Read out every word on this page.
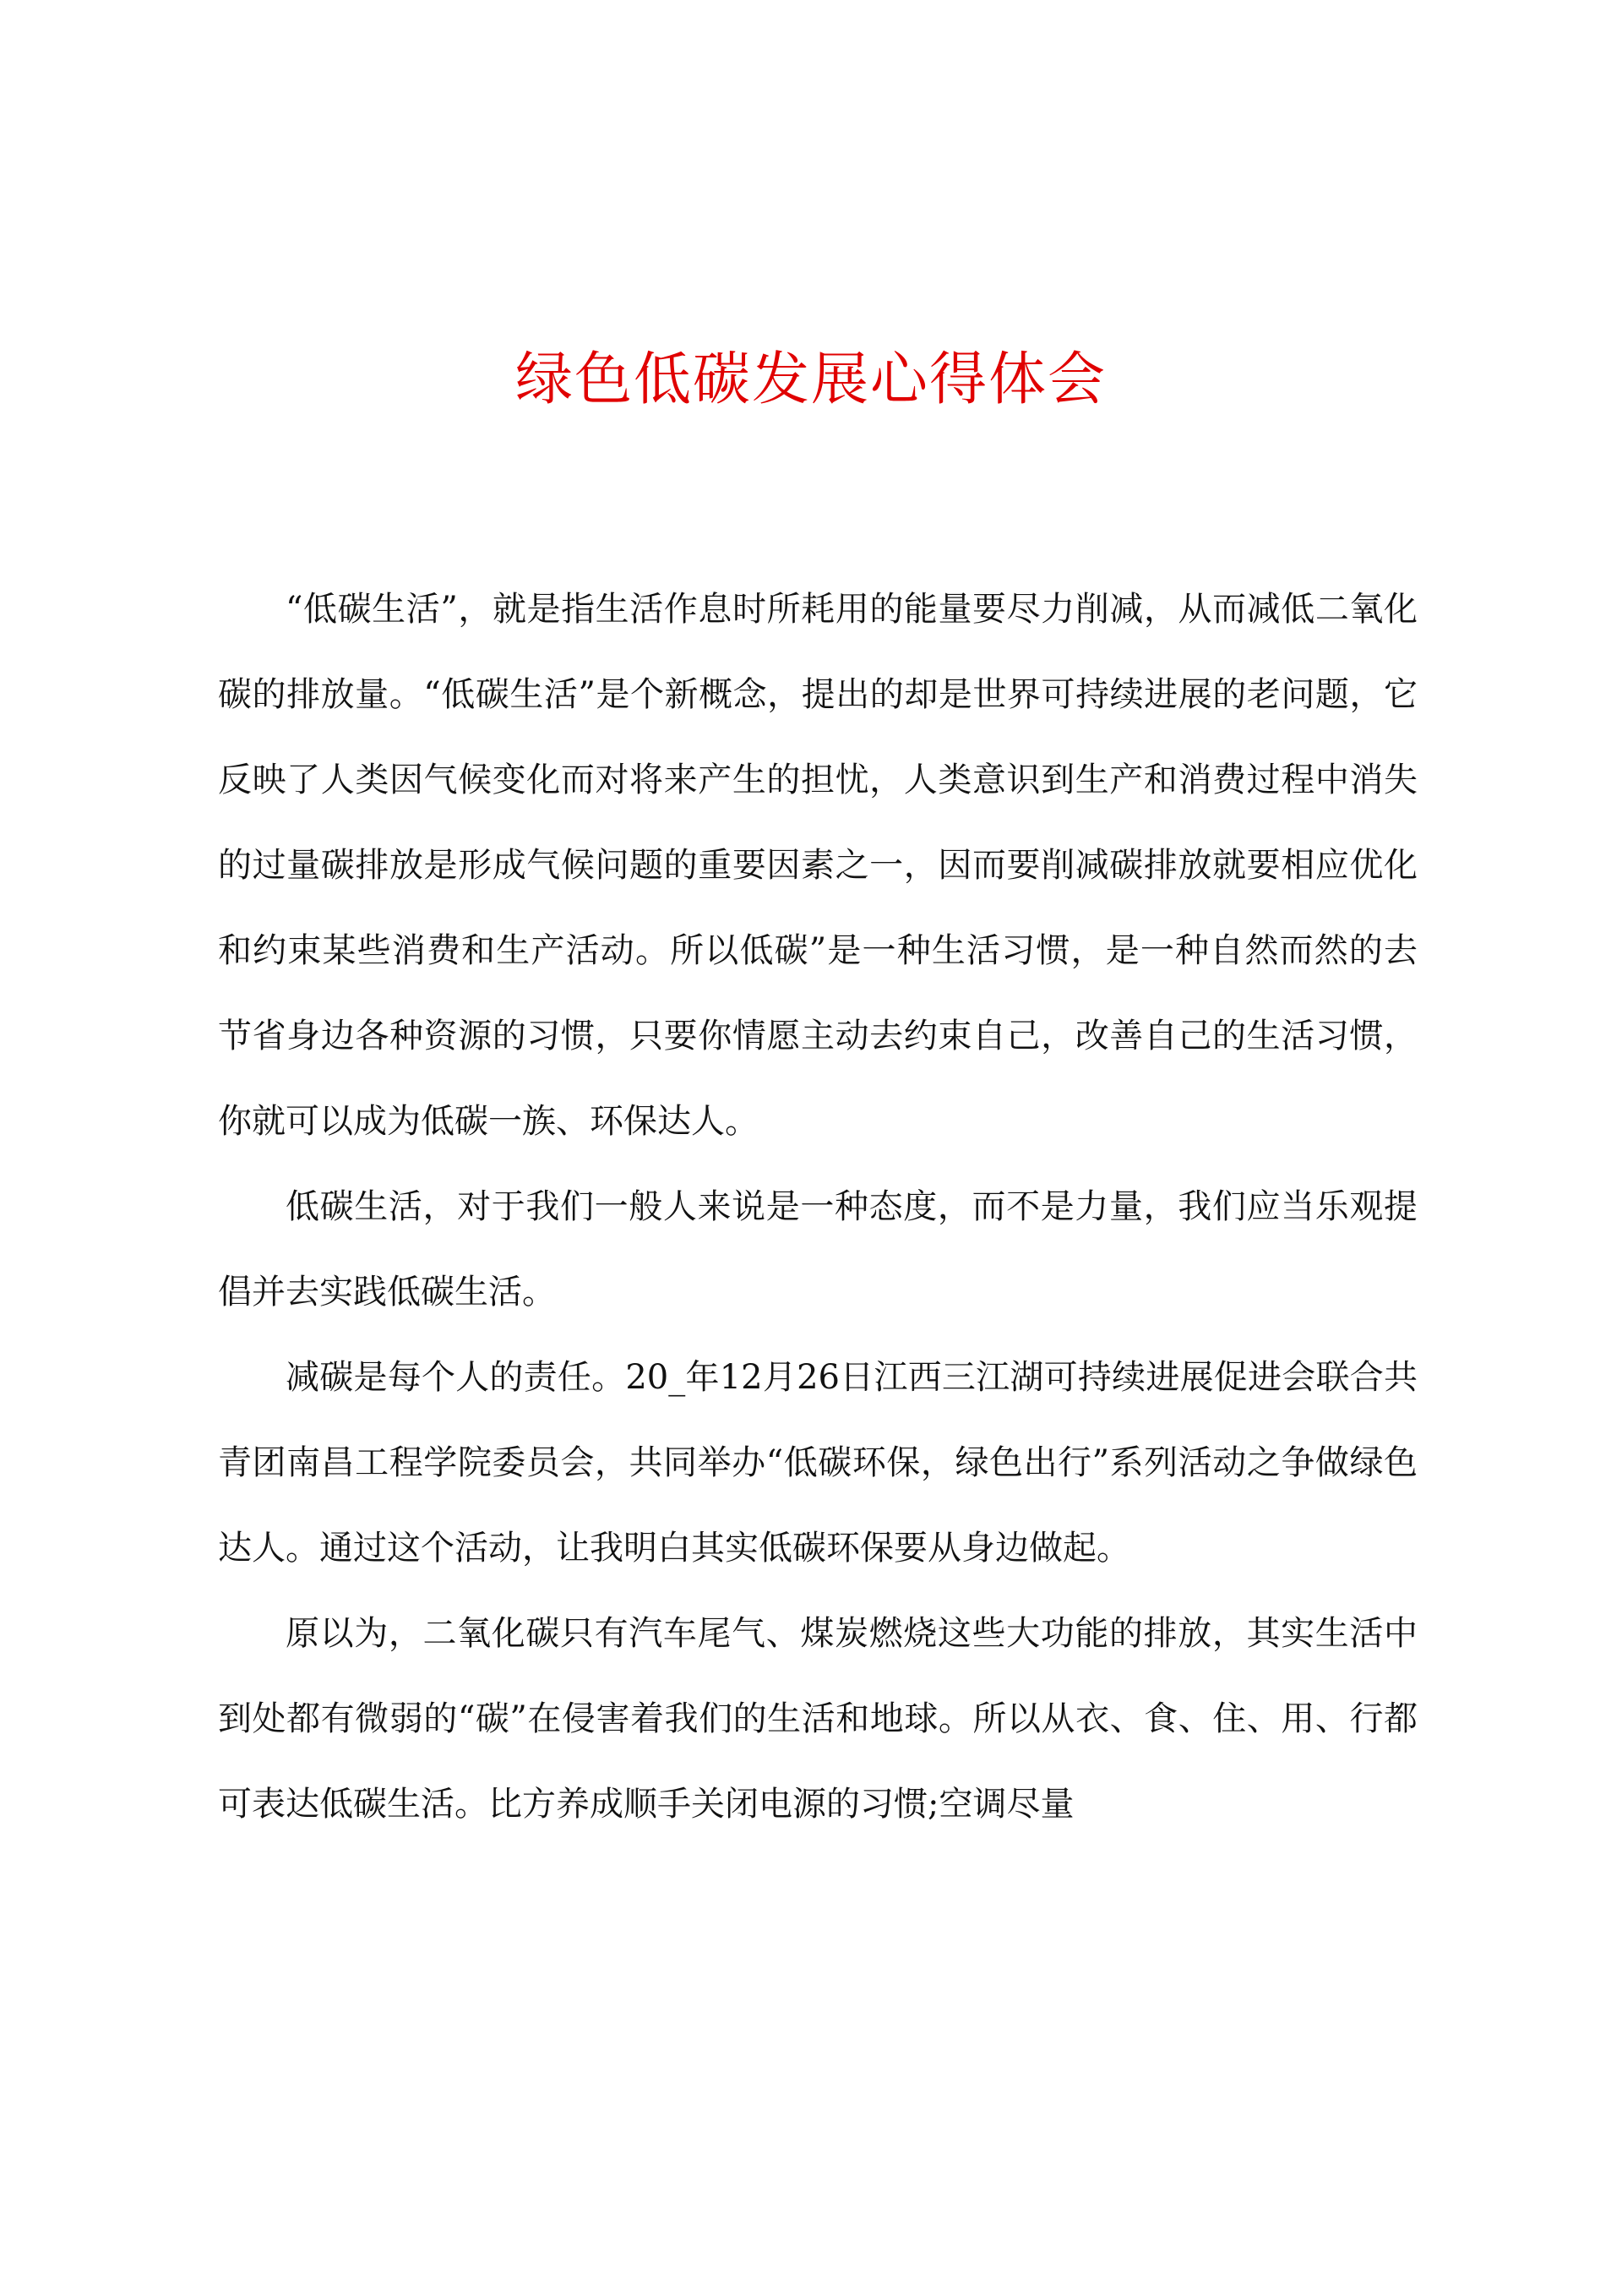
绿色低碳发展心得体会

“低碳生活”，就是指生活作息时所耗用的能量要尽力削减，从而减低二氧化碳的排放量。“低碳生活”是个新概念，提出的却是世界可持续进展的老问题，它反映了人类因气候变化而对将来产生的担忧，人类意识到生产和消费过程中消失的过量碳排放是形成气候问题的重要因素之一，因而要削减碳排放就要相应优化和约束某些消费和生产活动。所以低碳”是一种生活习惯，是一种自然而然的去节省身边各种资源的习惯，只要你情愿主动去约束自己，改善自己的生活习惯，你就可以成为低碳一族、环保达人。

低碳生活，对于我们一般人来说是一种态度，而不是力量，我们应当乐观提倡并去实践低碳生活。

减碳是每个人的责任。20_年12月26日江西三江湖可持续进展促进会联合共青团南昌工程学院委员会，共同举办“低碳环保，绿色出行”系列活动之争做绿色达人。通过这个活动，让我明白其实低碳环保要从身边做起。

原以为，二氧化碳只有汽车尾气、煤炭燃烧这些大功能的排放，其实生活中到处都有微弱的“碳”在侵害着我们的生活和地球。所以从衣、食、住、用、行都可表达低碳生活。比方养成顺手关闭电源的习惯;空调尽量
